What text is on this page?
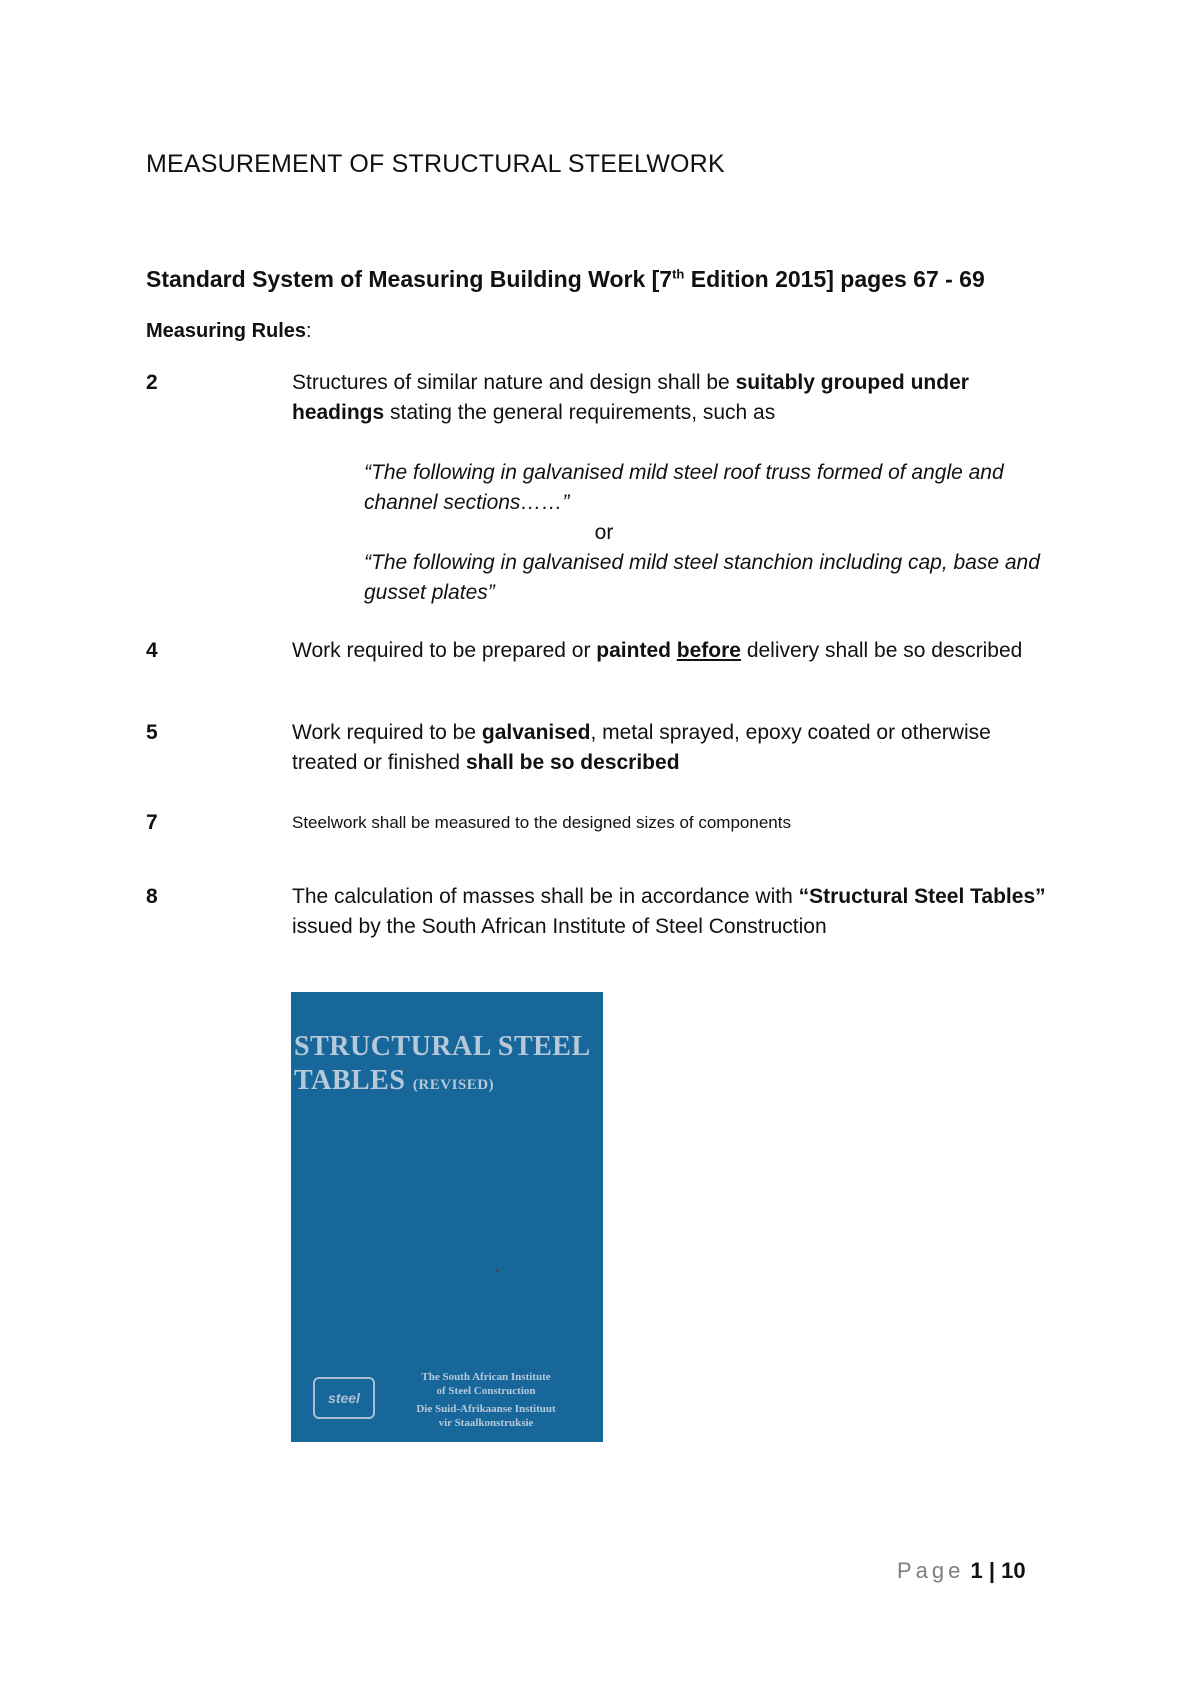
MEASUREMENT OF STRUCTURAL STEELWORK
Standard System of Measuring Building Work [7th Edition 2015] pages 67 - 69

Measuring Rules:

2	Structures of similar nature and design shall be suitably grouped under headings stating the general requirements, such as
“The following in galvanised mild steel roof truss formed of angle and channel sections……”
or
“The following in galvanised mild steel stanchion including cap, base and gusset plates”
4	Work required to be prepared or painted before delivery shall be so described
5	Work required to be galvanised, metal sprayed, epoxy coated or otherwise treated or finished shall be so described
7	Steelwork shall be measured to the designed sizes of components
8	The calculation of masses shall be in accordance with “Structural Steel Tables” issued by the South African Institute of Steel Construction
STRUCTURAL STEEL
TABLES (REVISED)
steel
The South African Institute
of Steel Construction
Die Suid-Afrikaanse Instituut
vir Staalkonstruksie
Page 1 | 10
